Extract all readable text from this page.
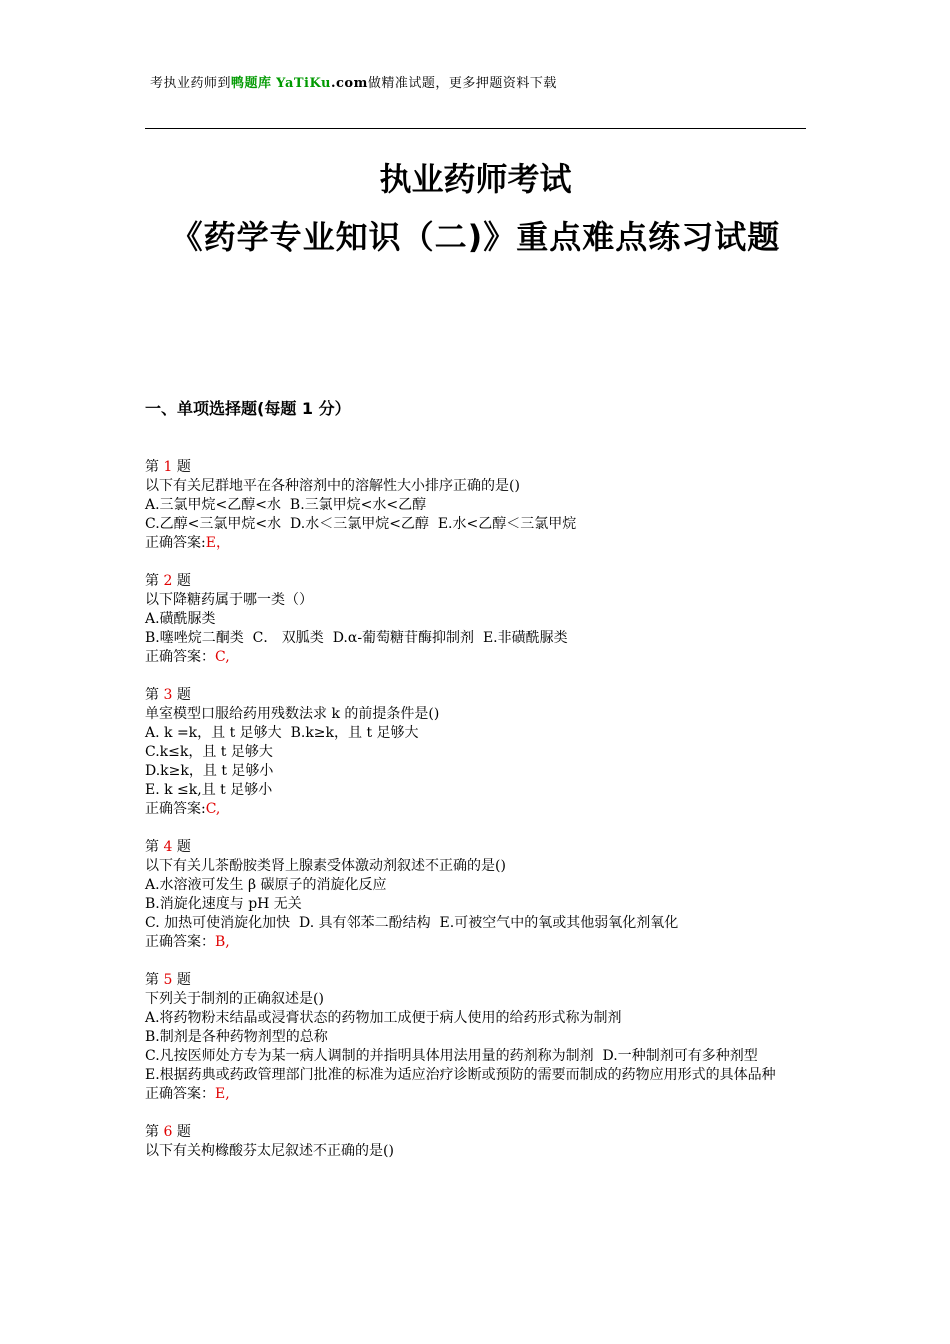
考执业药师到鸭题库 YaTiKu.com做精准试题，更多押题资料下载
执业药师考试
《药学专业知识（二)》重点难点练习试题
一、单项选择题(每题 1 分）
第 1 题
以下有关尼群地平在各种溶剂中的溶解性大小排序正确的是()
A.三氯甲烷<乙醇<水 ﻿ B.三氯甲烷<水<乙醇
C.乙醇<三氯甲烷<水 ﻿ D.水＜三氯甲烷<乙醇 ﻿ E.水<乙醇＜三氯甲烷
正确答案:E，
第 2 题
以下降糖药属于哪一类（）
A.磺酰脲类
B.噻唑烷二酮类 ﻿ C． 双胍类 ﻿ D.α-葡萄糖苷酶抑制剂 ﻿ E.非磺酰脲类
正确答案：C,
第 3 题
单室模型口服给药用残数法求 k 的前提条件是()
A. k =k，且 t 足够大 ﻿ B.k≥k，且 t 足够大
C.k≤k，且 t 足够大
D.k≥k，且 t 足够小
E. k ≤k,且 t 足够小
正确答案:C,
第 4 题
以下有关儿茶酚胺类肾上腺素受体激动剂叙述不正确的是()
A.水溶液可发生 β 碳原子的消旋化反应
B.消旋化速度与 pH 无关
C. 加热可使消旋化加快 ﻿ D. 具有邻苯二酚结构 ﻿ E.可被空气中的氧或其他弱氧化剂氧化
正确答案：B,
第 5 题
下列关于制剂的正确叙述是()
A.将药物粉末结晶或浸膏状态的药物加工成便于病人使用的给药形式称为制剂
B.制剂是各种药物剂型的总称
C.凡按医师处方专为某一病人调制的并指明具体用法用量的药剂称为制剂 ﻿ D.一种制剂可有多种剂型
E.根据药典或药政管理部门批准的标准为适应治疗诊断或预防的需要而制成的药物应用形式的具体品种
正确答案：E,
第 6 题
以下有关枸橼酸芬太尼叙述不正确的是()
